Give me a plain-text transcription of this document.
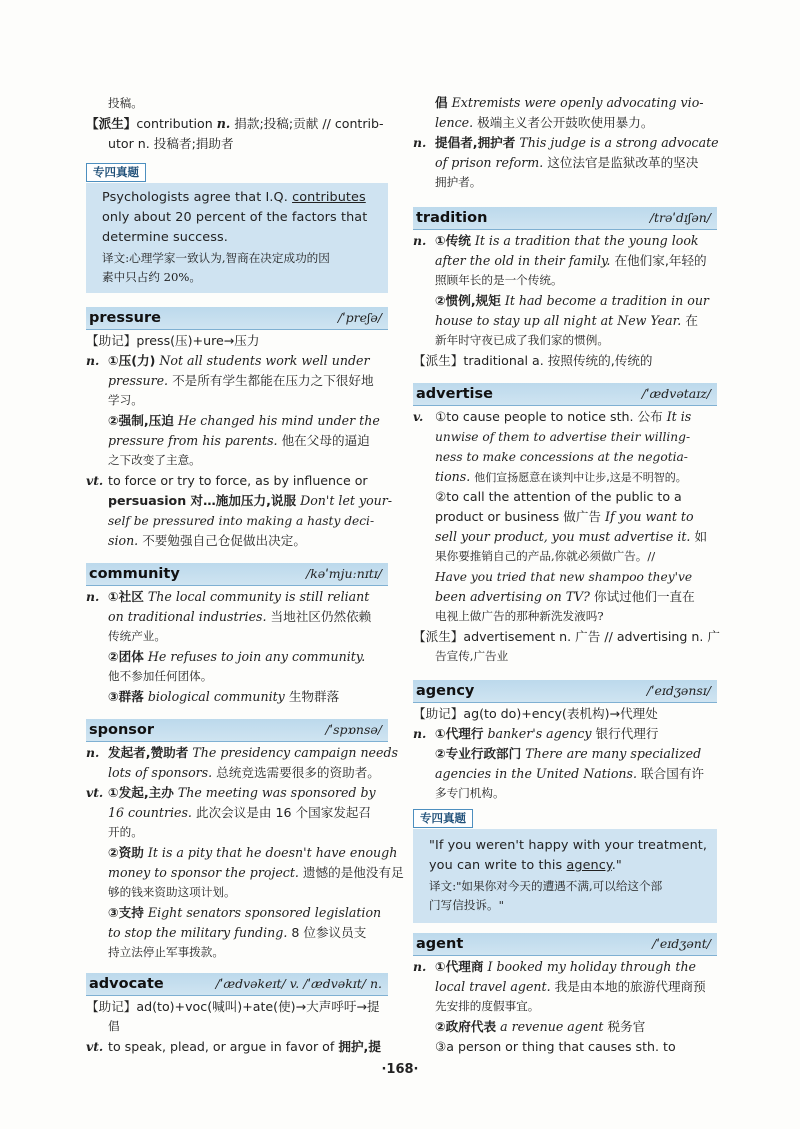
投稿。
【派生】contribution n. 捐款;投稿;贡献 // contrib-
utor n. 投稿者;捐助者
专四真题
Psychologists agree that I.Q. contributes
only about 20 percent of the factors that
determine success.
译文:心理学家一致认为,智商在决定成功的因
素中只占约 20%。
pressure	/ˈpreʃə/
【助记】press(压)+ure→压力
n. ①压(力) Not all students work well under
pressure. 不是所有学生都能在压力之下很好地
学习。
②强制,压迫 He changed his mind under the
pressure from his parents. 他在父母的逼迫
之下改变了主意。
vt. to force or try to force, as by influence or
persuasion 对…施加压力,说服 Don't let your-
self be pressured into making a hasty deci-
sion. 不要勉强自己仓促做出决定。
community	/kəˈmjuːnɪtɪ/
n. ①社区 The local community is still reliant
on traditional industries. 当地社区仍然依赖
传统产业。
②团体 He refuses to join any community.
他不参加任何团体。
③群落 biological community 生物群落
sponsor	/ˈspɒnsə/
n. 发起者,赞助者 The presidency campaign needs
lots of sponsors. 总统竞选需要很多的资助者。
vt. ①发起,主办 The meeting was sponsored by
16 countries. 此次会议是由 16 个国家发起召
开的。
②资助 It is a pity that he doesn't have enough
money to sponsor the project. 遗憾的是他没有足
够的钱来资助这项计划。
③支持 Eight senators sponsored legislation
to stop the military funding. 8 位参议员支
持立法停止军事拨款。
advocate	/ˈædvəkeɪt/ v. /ˈædvəkɪt/ n.
【助记】ad(to)+voc(喊叫)+ate(使)→大声呼吁→提
倡
vt. to speak, plead, or argue in favor of 拥护,提
倡 Extremists were openly advocating vio-
lence. 极端主义者公开鼓吹使用暴力。
n. 提倡者,拥护者 This judge is a strong advocate
of prison reform. 这位法官是监狱改革的坚决
拥护者。
tradition	/trəˈdɪʃən/
n. ①传统 It is a tradition that the young look
after the old in their family. 在他们家,年轻的
照顾年长的是一个传统。
②惯例,规矩 It had become a tradition in our
house to stay up all night at New Year. 在
新年时守夜已成了我们家的惯例。
【派生】traditional a. 按照传统的,传统的
advertise	/ˈædvətaɪz/
v. ①to cause people to notice sth. 公布 It is
unwise of them to advertise their willing-
ness to make concessions at the negotia-
tions. 他们宣扬愿意在谈判中让步,这是不明智的。
②to call the attention of the public to a
product or business 做广告 If you want to
sell your product, you must advertise it. 如
果你要推销自己的产品,你就必须做广告。//
Have you tried that new shampoo they've
been advertising on TV? 你试过他们一直在
电视上做广告的那种新洗发液吗?
【派生】advertisement n. 广告 // advertising n. 广
告宣传,广告业
agency	/ˈeɪdʒənsɪ/
【助记】ag(to do)+ency(表机构)→代理处
n. ①代理行 banker's agency 银行代理行
②专业行政部门 There are many specialized
agencies in the United Nations. 联合国有许
多专门机构。
专四真题
"If you weren't happy with your treatment,
you can write to this agency."
译文:"如果你对今天的遭遇不满,可以给这个部
门写信投诉。"
agent	/ˈeɪdʒənt/
n. ①代理商 I booked my holiday through the
local travel agent. 我是由本地的旅游代理商预
先安排的度假事宜。
②政府代表 a revenue agent 税务官
③a person or thing that causes sth. to
·168·
